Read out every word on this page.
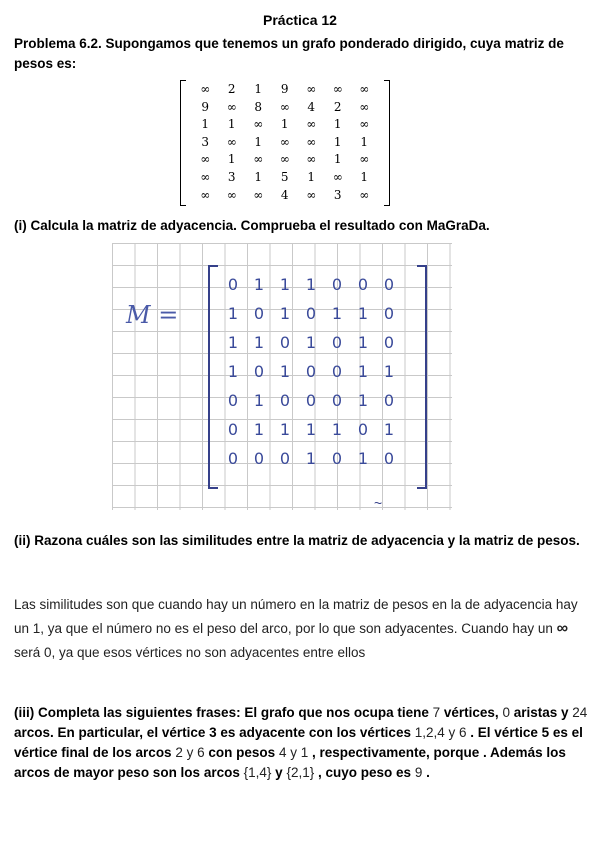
Práctica 12
Problema 6.2. Supongamos que tenemos un grafo ponderado dirigido, cuya matriz de pesos es:
∞	2	1	9	∞	∞	∞
9	∞	8	∞	4	2	∞
1	1	∞	1	∞	1	∞
3	∞	1	∞	∞	1	1
∞	1	∞	∞	∞	1	∞
∞	3	1	5	1	∞	1
∞	∞	∞	4	∞	3	∞
(i) Calcula la matriz de adyacencia. Comprueba el resultado con MaGraDa.
M =
0 1 1 1 0 0 0
1 0 1 0 1 1 0
1 1 0 1 0 1 0
1 0 1 0 0 1 1
0 1 0 0 0 1 0
0 1 1 1 1 0 1
0 0 0 1 0 1 0
~
(ii) Razona cuáles son las similitudes entre la matriz de adyacencia y la matriz de pesos.
Las similitudes son que cuando hay un número en la matriz de pesos en la de adyacencia hay un 1, ya que el número no es el peso del arco, por lo que son adyacentes. Cuando hay un ∞ será 0, ya que esos vértices no son adyacentes entre ellos
(iii) Completa las siguientes frases: El grafo que nos ocupa tiene 7 vértices, 0 aristas y 24 arcos. En particular, el vértice 3 es adyacente con los vértices 1,2,4 y 6 . El vértice 5 es el vértice final de los arcos 2 y 6 con pesos 4 y 1 , respectivamente, porque . Además los arcos de mayor peso son los arcos {1,4} y {2,1} , cuyo peso es 9 .
